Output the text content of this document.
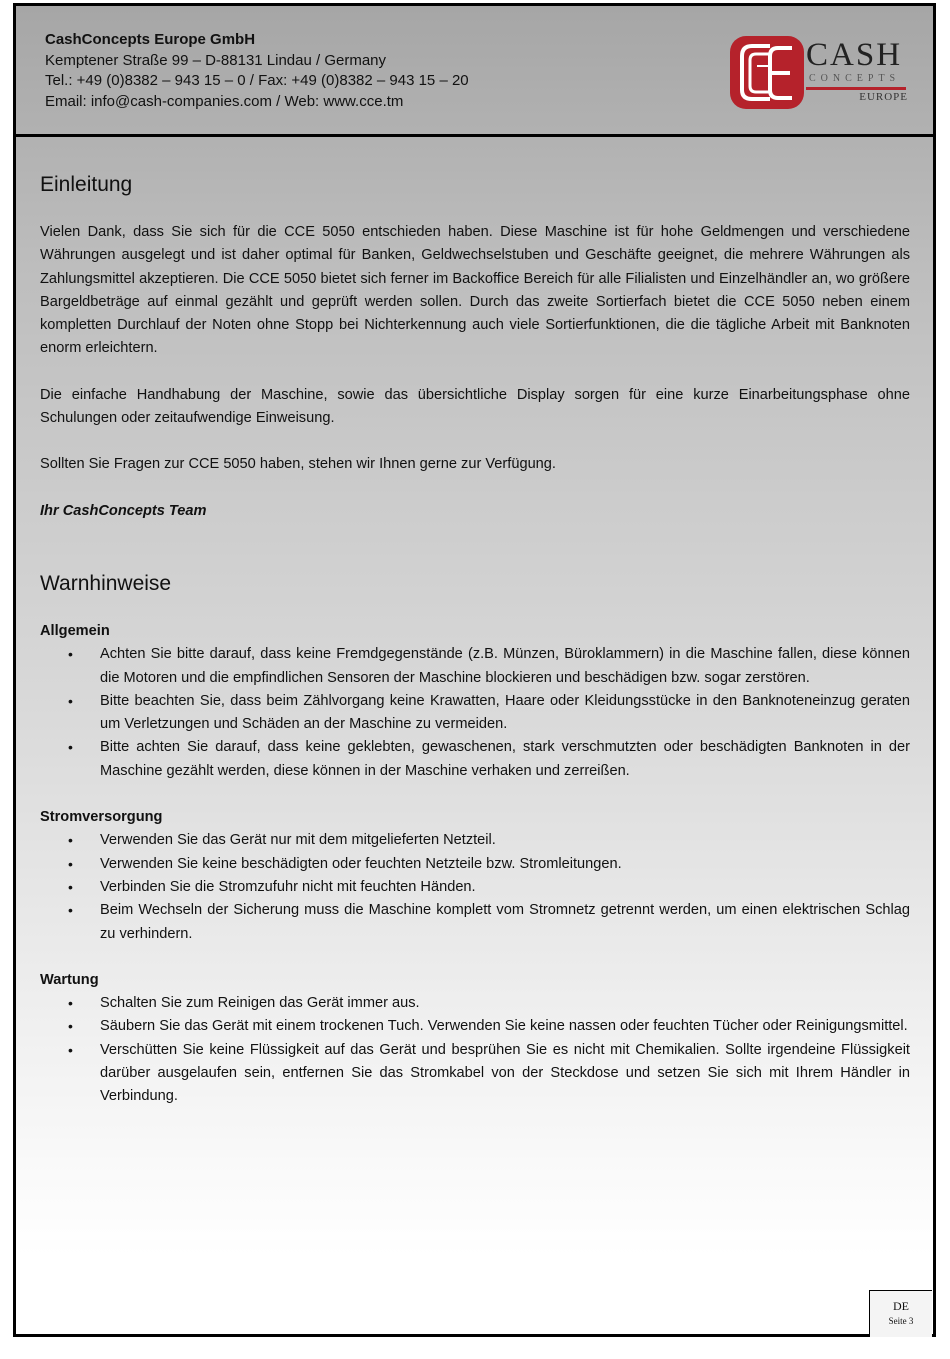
CashConcepts Europe GmbH
Kemptener Straße 99 – D-88131 Lindau / Germany
Tel.: +49 (0)8382 – 943 15 – 0 / Fax: +49 (0)8382 – 943 15 – 20
Email: info@cash-companies.com / Web: www.cce.tm
CASH
CONCEPTS
EUROPE
Einleitung

Vielen Dank, dass Sie sich für die CCE 5050 entschieden haben. Diese Maschine ist für hohe Geldmengen und verschiedene Währungen ausgelegt und ist daher optimal für Banken, Geldwechselstuben und Geschäfte geeignet, die mehrere Währungen als Zahlungsmittel akzeptieren. Die CCE 5050 bietet sich ferner im Backoffice Bereich für alle Filialisten und Einzelhändler an, wo größere Bargeldbeträge auf einmal gezählt und geprüft werden sollen. Durch das zweite Sortierfach bietet die CCE 5050 neben einem kompletten Durchlauf der Noten ohne Stopp bei Nichterkennung auch viele Sortierfunktionen, die die tägliche Arbeit mit Banknoten enorm erleichtern.

Die einfache Handhabung der Maschine, sowie das übersichtliche Display sorgen für eine kurze Einarbeitungsphase ohne Schulungen oder zeitaufwendige Einweisung.

Sollten Sie Fragen zur CCE 5050 haben, stehen wir Ihnen gerne zur Verfügung.

Ihr CashConcepts Team

Warnhinweise
Allgemein
• Achten Sie bitte darauf, dass keine Fremdgegenstände (z.B. Münzen, Büroklammern) in die Maschine fallen, diese können die Motoren und die empfindlichen Sensoren der Maschine blockieren und beschädigen bzw. sogar zerstören.
• Bitte beachten Sie, dass beim Zählvorgang keine Krawatten, Haare oder Kleidungsstücke in den Banknoteneinzug geraten um Verletzungen und Schäden an der Maschine zu vermeiden.
• Bitte achten Sie darauf, dass keine geklebten, gewaschenen, stark verschmutzten oder beschädigten Banknoten in der Maschine gezählt werden, diese können in der Maschine verhaken und zerreißen.
Stromversorgung
• Verwenden Sie das Gerät nur mit dem mitgelieferten Netzteil.
• Verwenden Sie keine beschädigten oder feuchten Netzteile bzw. Stromleitungen.
• Verbinden Sie die Stromzufuhr nicht mit feuchten Händen.
• Beim Wechseln der Sicherung muss die Maschine komplett vom Stromnetz getrennt werden, um einen elektrischen Schlag zu verhindern.
Wartung
• Schalten Sie zum Reinigen das Gerät immer aus.
• Säubern Sie das Gerät mit einem trockenen Tuch. Verwenden Sie keine nassen oder feuchten Tücher oder Reinigungsmittel.
• Verschütten Sie keine Flüssigkeit auf das Gerät und besprühen Sie es nicht mit Chemikalien. Sollte irgendeine Flüssigkeit darüber ausgelaufen sein, entfernen Sie das Stromkabel von der Steckdose und setzen Sie sich mit Ihrem Händler in Verbindung.
DE
Seite 3
